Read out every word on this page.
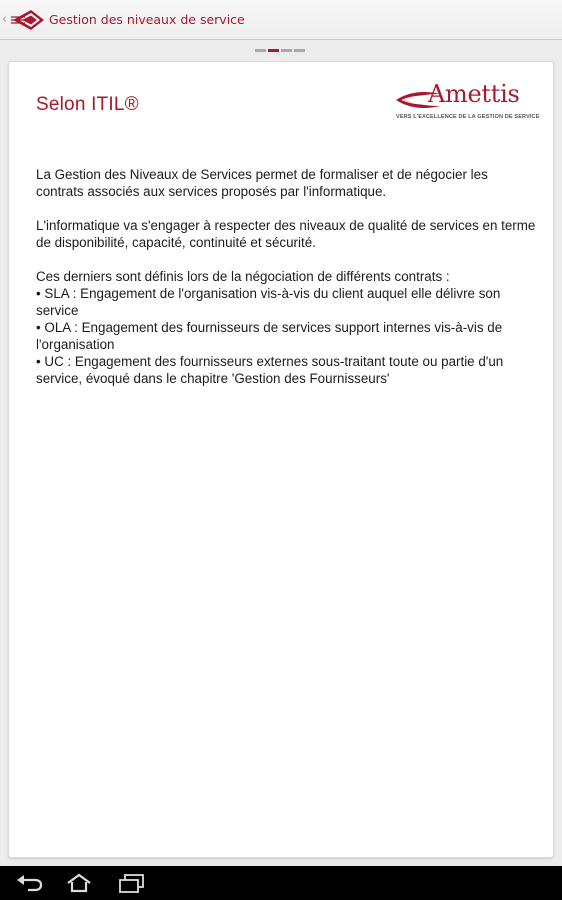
‹	Gestion des niveaux de service
Selon ITIL®	Amettis
VERS L'EXCELLENCE DE LA GESTION DE SERVICE

La Gestion des Niveaux de Services permet de formaliser et de négocier les contrats associés aux services proposés par l'informatique.

L'informatique va s'engager à respecter des niveaux de qualité de services en terme de disponibilité, capacité, continuité et sécurité.

Ces derniers sont définis lors de la négociation de différents contrats :
• SLA : Engagement de l'organisation vis-à-vis du client auquel elle délivre son service
• OLA : Engagement des fournisseurs de services support internes vis-à-vis de l'organisation
• UC : Engagement des fournisseurs externes sous-traitant toute ou partie d'un service, évoqué dans le chapitre 'Gestion des Fournisseurs'
